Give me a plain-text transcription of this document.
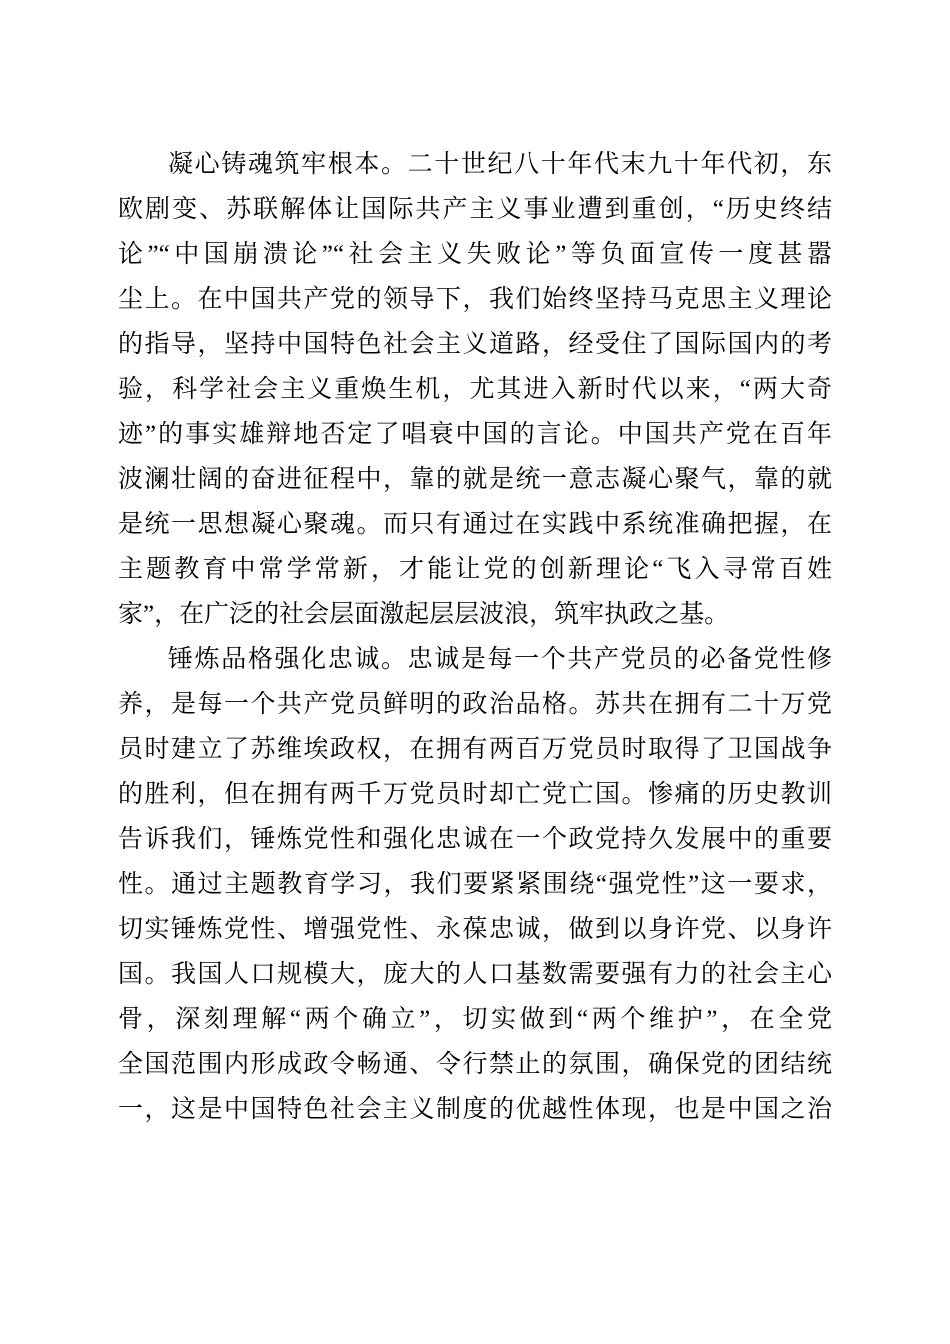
凝心铸魂筑牢根本。二十世纪八十年代末九十年代初，东
欧剧变、苏联解体让国际共产主义事业遭到重创，“历史终结
论”“中国崩溃论”“社会主义失败论”等负面宣传一度甚嚣
尘上。在中国共产党的领导下，我们始终坚持马克思主义理论
的指导，坚持中国特色社会主义道路，经受住了国际国内的考
验，科学社会主义重焕生机，尤其进入新时代以来，“两大奇
迹”的事实雄辩地否定了唱衰中国的言论。中国共产党在百年
波澜壮阔的奋进征程中，靠的就是统一意志凝心聚气，靠的就
是统一思想凝心聚魂。而只有通过在实践中系统准确把握，在
主题教育中常学常新，才能让党的创新理论“飞入寻常百姓
家”，在广泛的社会层面激起层层波浪，筑牢执政之基。
锤炼品格强化忠诚。忠诚是每一个共产党员的必备党性修
养，是每一个共产党员鲜明的政治品格。苏共在拥有二十万党
员时建立了苏维埃政权，在拥有两百万党员时取得了卫国战争
的胜利，但在拥有两千万党员时却亡党亡国。惨痛的历史教训
告诉我们，锤炼党性和强化忠诚在一个政党持久发展中的重要
性。通过主题教育学习，我们要紧紧围绕“强党性”这一要求，
切实锤炼党性、增强党性、永葆忠诚，做到以身许党、以身许
国。我国人口规模大，庞大的人口基数需要强有力的社会主心
骨，深刻理解“两个确立”，切实做到“两个维护”，在全党
全国范围内形成政令畅通、令行禁止的氛围，确保党的团结统
一，这是中国特色社会主义制度的优越性体现，也是中国之治
